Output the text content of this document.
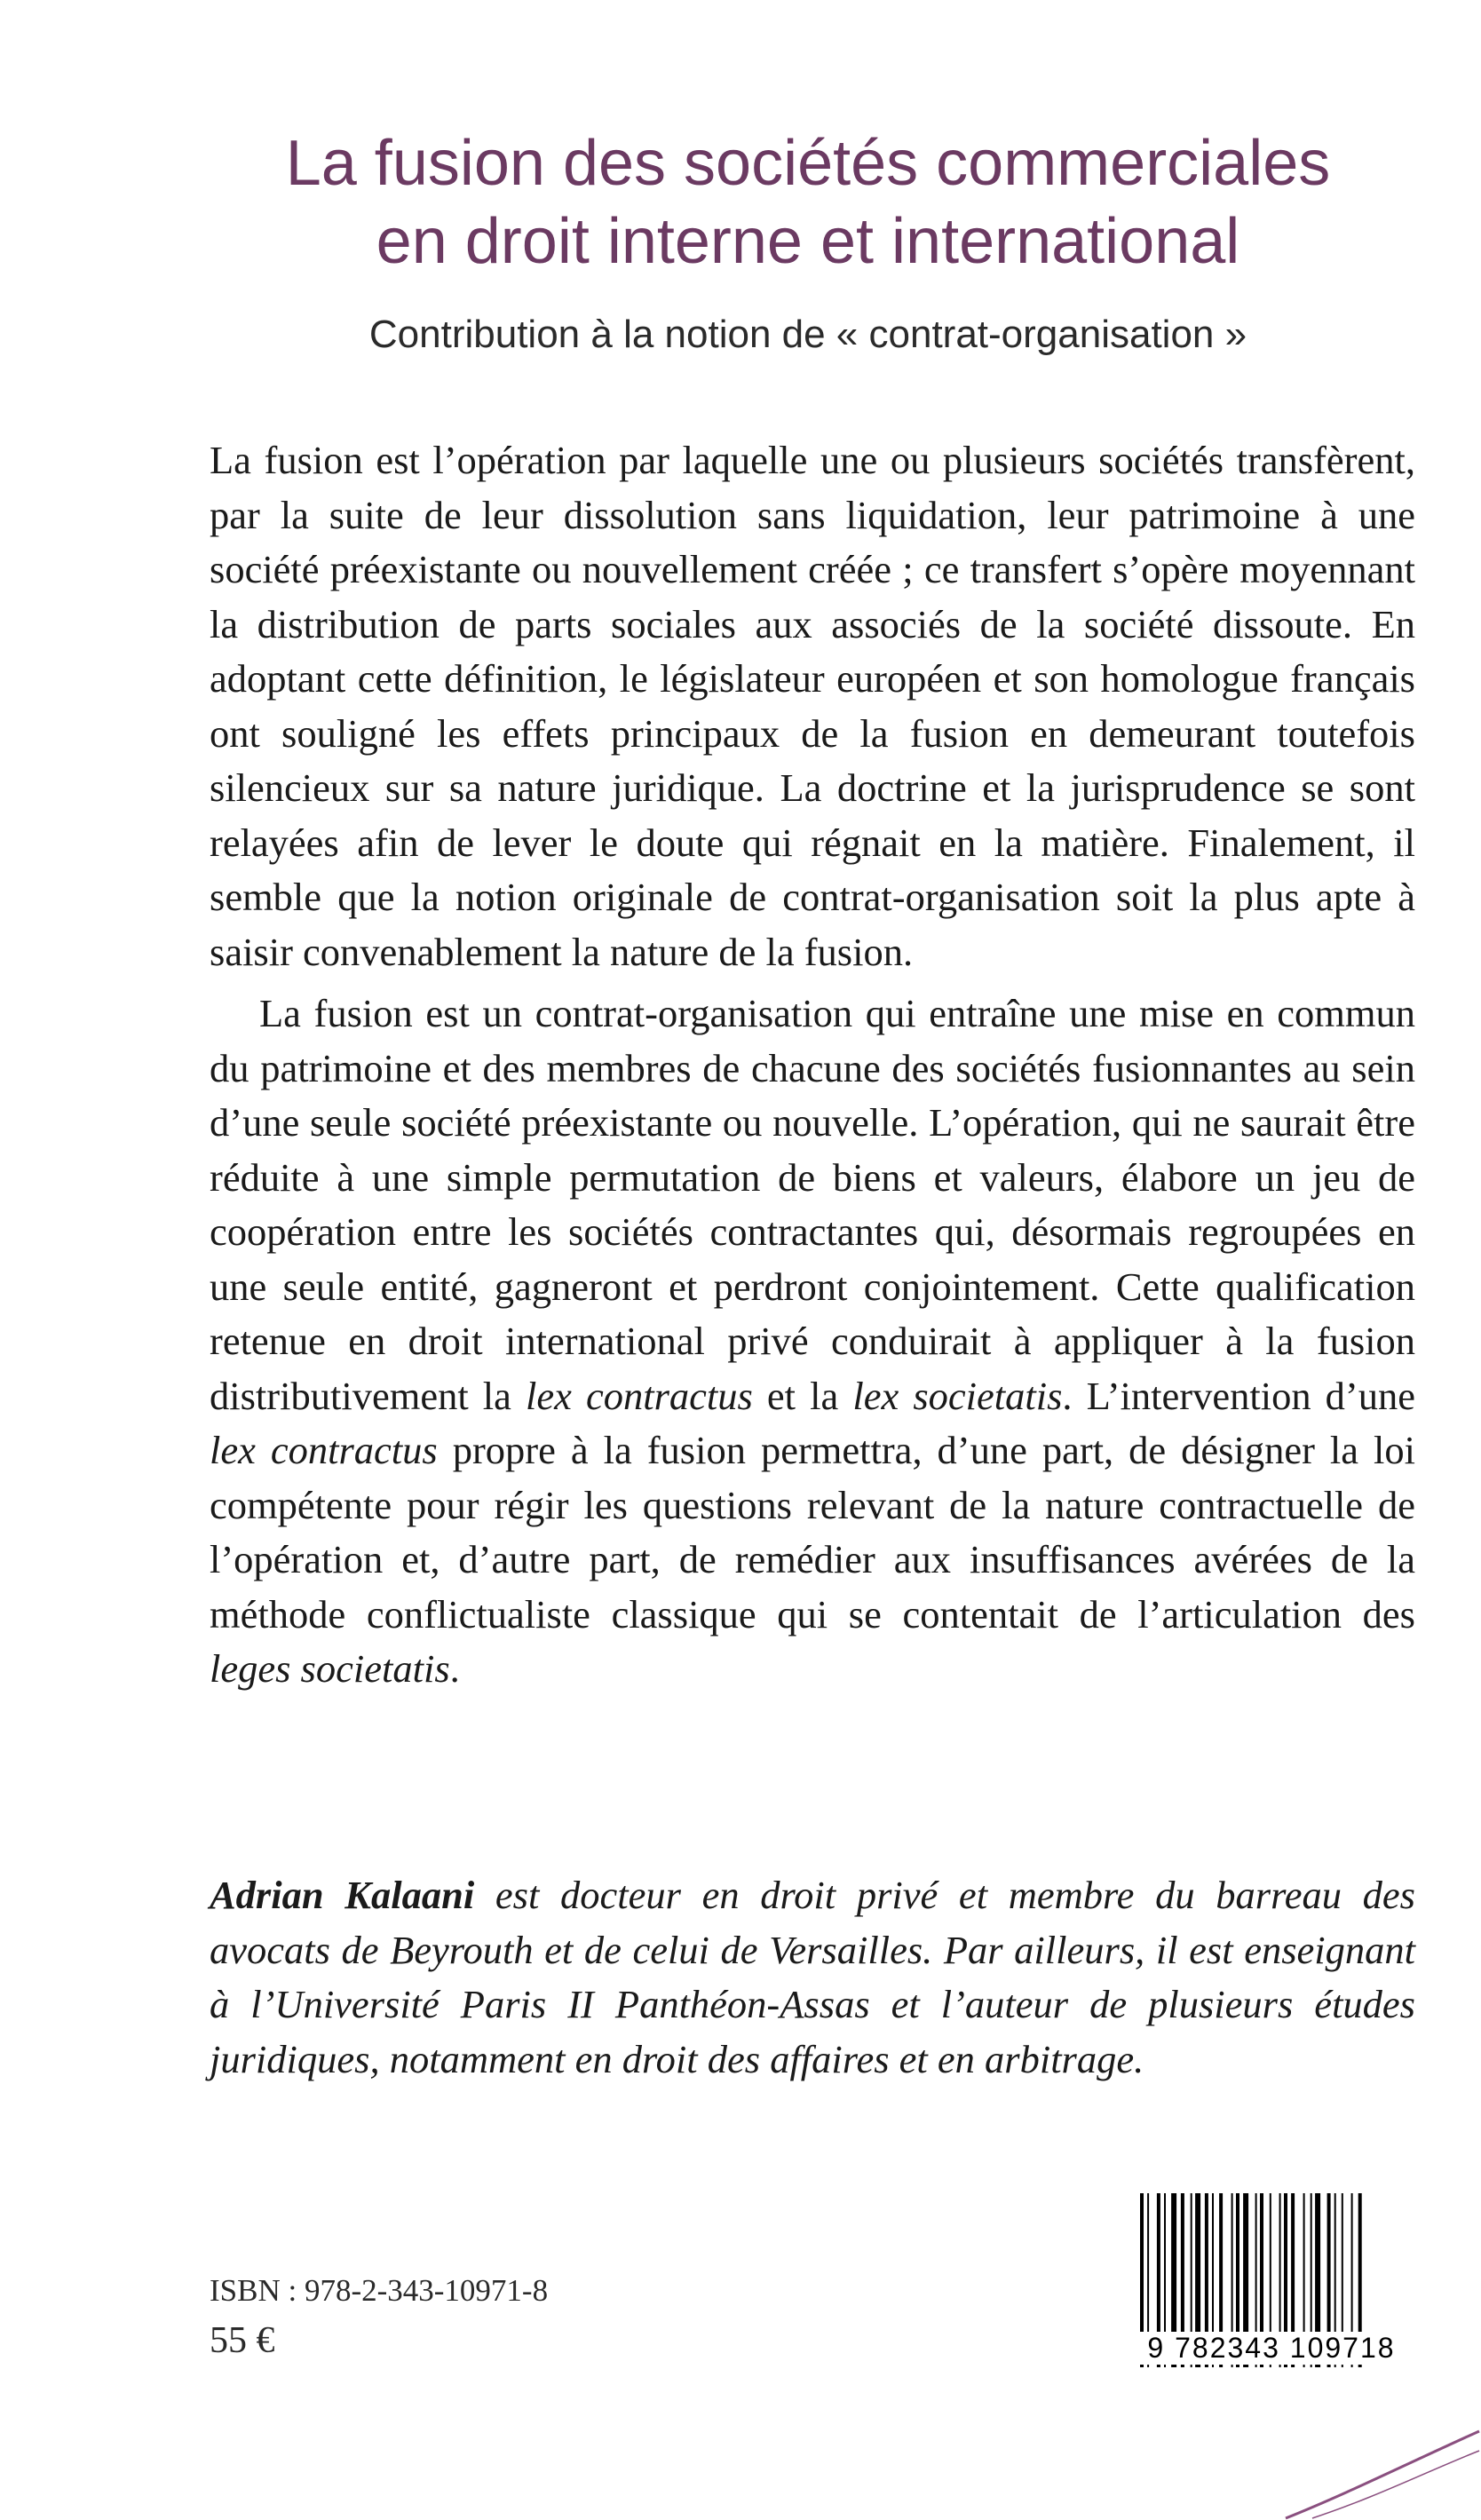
La fusion des sociétés commerciales
en droit interne et international
Contribution à la notion de « contrat-organisation »

La fusion est l’opération par laquelle une ou plusieurs sociétés transfèrent, par la suite de leur dissolution sans liquidation, leur patrimoine à une société préexistante ou nouvellement créée ; ce transfert s’opère moyennant la distribution de parts sociales aux associés de la société dissoute. En adoptant cette définition, le législateur européen et son homologue français ont souligné les effets principaux de la fusion en demeurant toutefois silencieux sur sa nature juridique. La doctrine et la jurisprudence se sont relayées afin de lever le doute qui régnait en la matière. Finalement, il semble que la notion originale de contrat-organisation soit la plus apte à saisir convenablement la nature de la fusion.

La fusion est un contrat-organisation qui entraîne une mise en commun du patrimoine et des membres de chacune des sociétés fusionnantes au sein d’une seule société préexistante ou nouvelle. L’opération, qui ne saurait être réduite à une simple permutation de biens et valeurs, élabore un jeu de coopération entre les sociétés contractantes qui, désormais regroupées en une seule entité, gagneront et perdront conjointement. Cette qualification retenue en droit international privé conduirait à appliquer à la fusion distributivement la lex contractus et la lex societatis. L’intervention d’une lex contractus propre à la fusion permettra, d’une part, de désigner la loi compétente pour régir les questions relevant de la nature contractuelle de l’opération et, d’autre part, de remédier aux insuffisances avérées de la méthode conflictualiste classique qui se contentait de l’articulation des leges societatis.

Adrian Kalaani est docteur en droit privé et membre du barreau des avocats de Beyrouth et de celui de Versailles. Par ailleurs, il est enseignant à l’Université Paris II Panthéon-Assas et l’auteur de plusieurs études juridiques, notamment en droit des affaires et en arbitrage.
ISBN : 978-2-343-10971-8
55 €	9 782343 109718
